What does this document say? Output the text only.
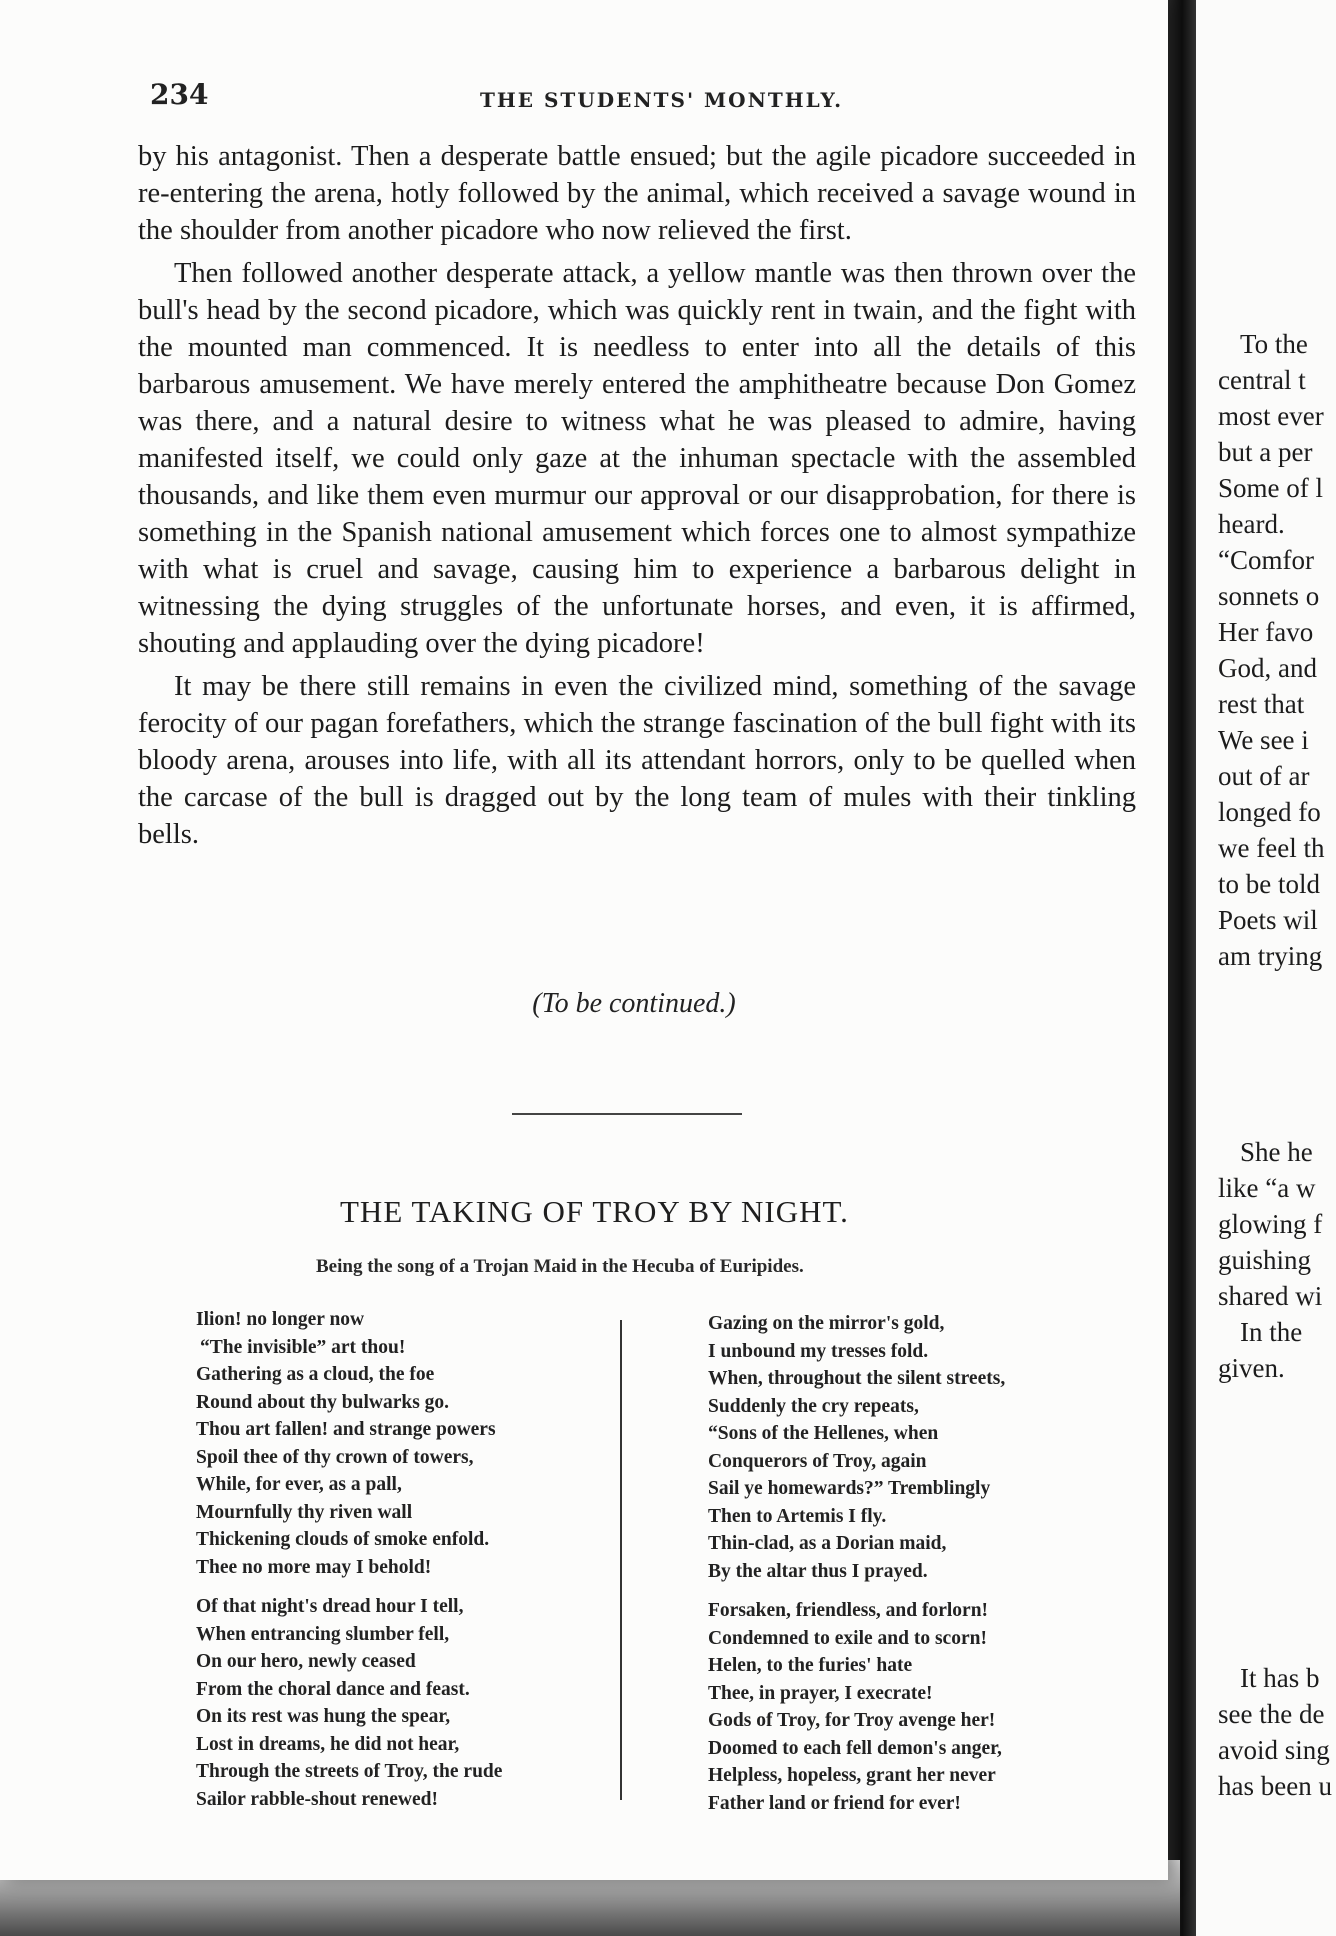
To the
central t
most ever
but a per
Some of l
heard.
“Comfor
sonnets o
Her favo
God, and
rest that
We see i
out of ar
longed fo
we feel th
to be told
Poets wil
am trying
She he
like “a w
glowing f
guishing
shared wi
In the
given.
It has b
see the de
avoid sing
has been u
234	THE STUDENTS' MONTHLY.

by his antagonist. Then a desperate battle ensued; but the agile picadore succeeded in re-entering the arena, hotly followed by the animal, which received a savage wound in the shoulder from another picadore who now relieved the first.

Then followed another desperate attack, a yellow mantle was then thrown over the bull's head by the second picadore, which was quickly rent in twain, and the fight with the mounted man commenced. It is needless to enter into all the details of this barbarous amusement. We have merely entered the amphitheatre because Don Gomez was there, and a natural desire to witness what he was pleased to admire, having manifested itself, we could only gaze at the inhuman spectacle with the assembled thousands, and like them even murmur our approval or our disapprobation, for there is something in the Spanish national amusement which forces one to almost sympathize with what is cruel and savage, causing him to experience a barbarous delight in witnessing the dying struggles of the unfortunate horses, and even, it is affirmed, shouting and applauding over the dying picadore!

It may be there still remains in even the civilized mind, something of the savage ferocity of our pagan forefathers, which the strange fascination of the bull fight with its bloody arena, arouses into life, with all its attendant horrors, only to be quelled when the carcase of the bull is dragged out by the long team of mules with their tinkling bells.

(To be continued.)
THE TAKING OF TROY BY NIGHT.
Being the song of a Trojan Maid in the Hecuba of Euripides.
Ilion! no longer now
“The invisible” art thou!
Gathering as a cloud, the foe
Round about thy bulwarks go.
Thou art fallen! and strange powers
Spoil thee of thy crown of towers,
While, for ever, as a pall,
Mournfully thy riven wall
Thickening clouds of smoke enfold.
Thee no more may I behold!
Of that night's dread hour I tell,
When entrancing slumber fell,
On our hero, newly ceased
From the choral dance and feast.
On its rest was hung the spear,
Lost in dreams, he did not hear,
Through the streets of Troy, the rude
Sailor rabble-shout renewed!
Gazing on the mirror's gold,
I unbound my tresses fold.
When, throughout the silent streets,
Suddenly the cry repeats,
“Sons of the Hellenes, when
Conquerors of Troy, again
Sail ye homewards?” Tremblingly
Then to Artemis I fly.
Thin-clad, as a Dorian maid,
By the altar thus I prayed.
Forsaken, friendless, and forlorn!
Condemned to exile and to scorn!
Helen, to the furies' hate
Thee, in prayer, I execrate!
Gods of Troy, for Troy avenge her!
Doomed to each fell demon's anger,
Helpless, hopeless, grant her never
Father land or friend for ever!
